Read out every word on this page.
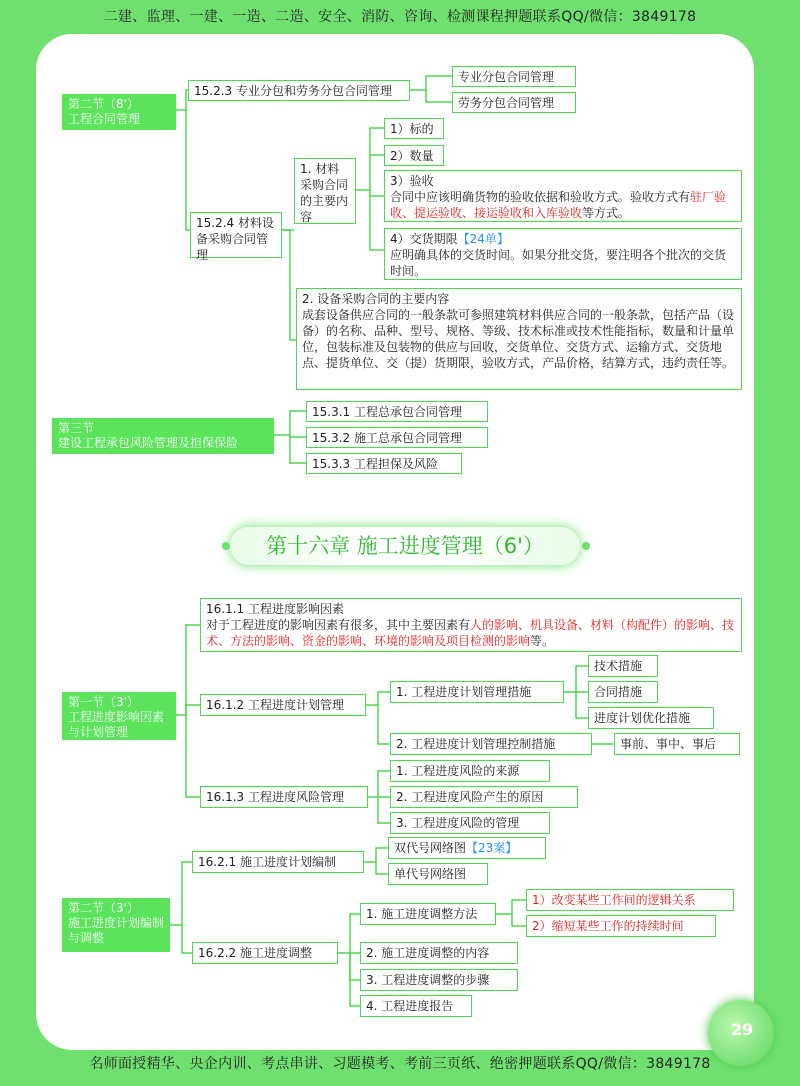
二建、监理、一建、一造、二造、安全、消防、咨询、检测课程押题联系QQ/微信：3849178
第二节（8'）
工程合同管理
15.2.3 专业分包和劳务分包合同管理
专业分包合同管理
劳务分包合同管理
15.2.4 材料设备采购合同管理
1. 材料采购合同的主要内容
1）标的
2）数量
3）验收
合同中应该明确货物的验收依据和验收方式。验收方式有驻厂验收、提运验收、接运验收和入库验收等方式。
4）交货期限【24单】
应明确具体的交货时间。如果分批交货，要注明各个批次的交货时间。
2. 设备采购合同的主要内容
成套设备供应合同的一般条款可参照建筑材料供应合同的一般条款，包括产品（设备）的名称、品种、型号、规格、等级、技术标准或技术性能指标，数量和计量单位，包装标准及包装物的供应与回收，交货单位、交货方式、运输方式、交货地点、提货单位、交（提）货期限，验收方式，产品价格，结算方式，违约责任等。
第三节
建设工程承包风险管理及担保保险
15.3.1 工程总承包合同管理
15.3.2 施工总承包合同管理
15.3.3 工程担保及风险
第十六章 施工进度管理（6'）
第一节（3'）
工程进度影响因素与计划管理
16.1.1 工程进度影响因素
对于工程进度的影响因素有很多，其中主要因素有人的影响、机具设备、材料（构配件）的影响、技术、方法的影响、资金的影响、环境的影响及项目检测的影响等。
16.1.2 工程进度计划管理
1. 工程进度计划管理措施
技术措施
合同措施
进度计划优化措施
2. 工程进度计划管理控制措施	事前、事中、事后
16.1.3 工程进度风险管理
1. 工程进度风险的来源
2. 工程进度风险产生的原因
3. 工程进度风险的管理
第二节（3'）
施工进度计划编制与调整
16.2.1 施工进度计划编制
双代号网络图【23案】
单代号网络图
16.2.2 施工进度调整
1. 施工进度调整方法
1）改变某些工作间的逻辑关系
2）缩短某些工作的持续时间
2. 施工进度调整的内容
3. 工程进度调整的步骤
4. 工程进度报告
29
名师面授精华、央企内训、考点串讲、习题模考、考前三页纸、绝密押题联系QQ/微信：3849178
